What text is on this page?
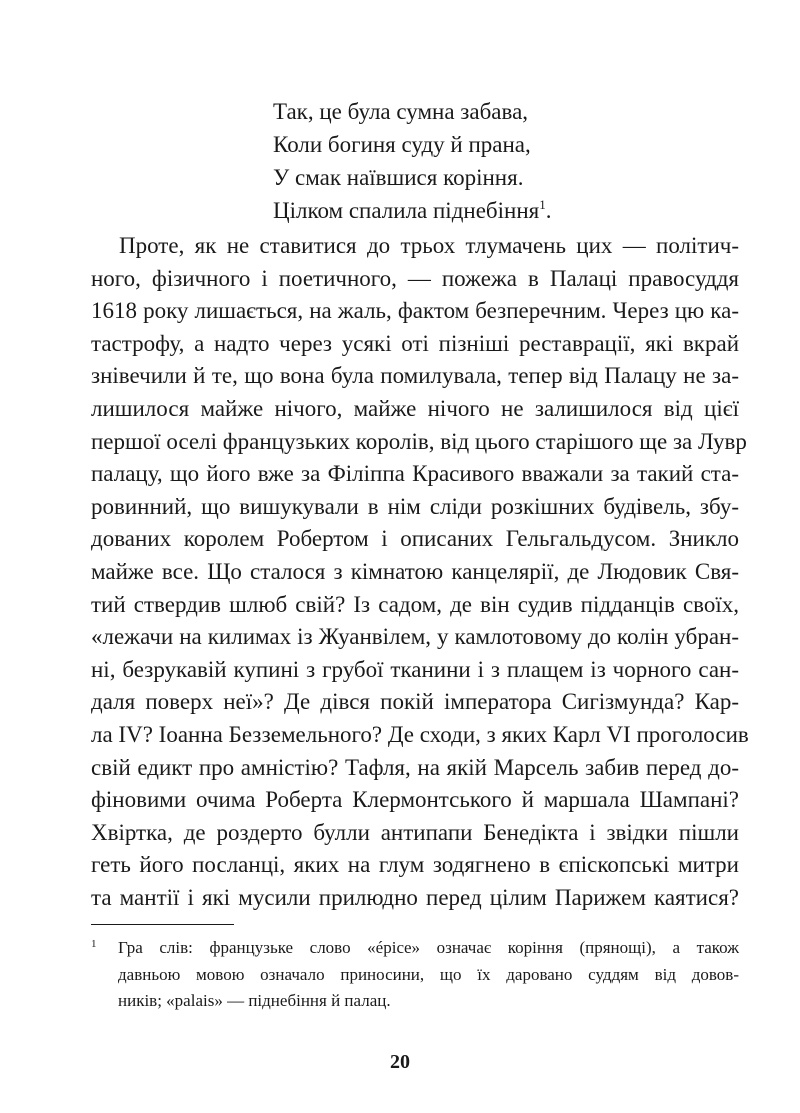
Так, це була сумна забава,
Коли богиня суду й прана,
У смак наївшися коріння.
Цілком спалила піднебіння$^1$.
Проте, як не ставитися до трьох тлумачень цих — політич-
ного, фізичного і поетичного, — пожежа в Палаці правосуддя
1618 року лишається, на жаль, фактом безперечним. Через цю ка-
тастрофу, а надто через усякі оті пізніші реставрації, які вкрай
знівечили й те, що вона була помилувала, тепер від Палацу не за-
лишилося майже нічого, майже нічого не залишилося від цієї
першої оселі французьких королів, від цього старішого ще за Лувр
палацу, що його вже за Філіппа Красивого вважали за такий ста-
ровинний, що вишукували в нім сліди розкішних будівель, збу-
дованих королем Робертом і описаних Гельгальдусом. Зникло
майже все. Що сталося з кімнатою канцелярії, де Людовик Свя-
тий ствердив шлюб свій? Із садом, де він судив підданців своїх,
«лежачи на килимах із Жуанвілем, у камлотовому до колін убран-
ні, безрукавій купині з грубої тканини і з плащем із чорного сан-
даля поверх неї»? Де дівся покій імператора Сигізмунда? Кар-
ла IV? Іоанна Безземельного? Де сходи, з яких Карл VI проголосив
свій едикт про амністію? Тафля, на якій Марсель забив перед до-
фіновими очима Роберта Клермонтського й маршала Шампані?
Хвіртка, де роздерто булли антипапи Бенедікта і звідки пішли
геть його посланці, яких на глум зодягнено в єпіскопські митри
та мантії і які мусили прилюдно перед цілим Парижем каятися?
1	Гра слів: французьке слово «épice» означає коріння (прянощі), а також
давньою мовою означало приносини, що їх даровано суддям від довов-
ників; «palais» — піднебіння й палац.
20
